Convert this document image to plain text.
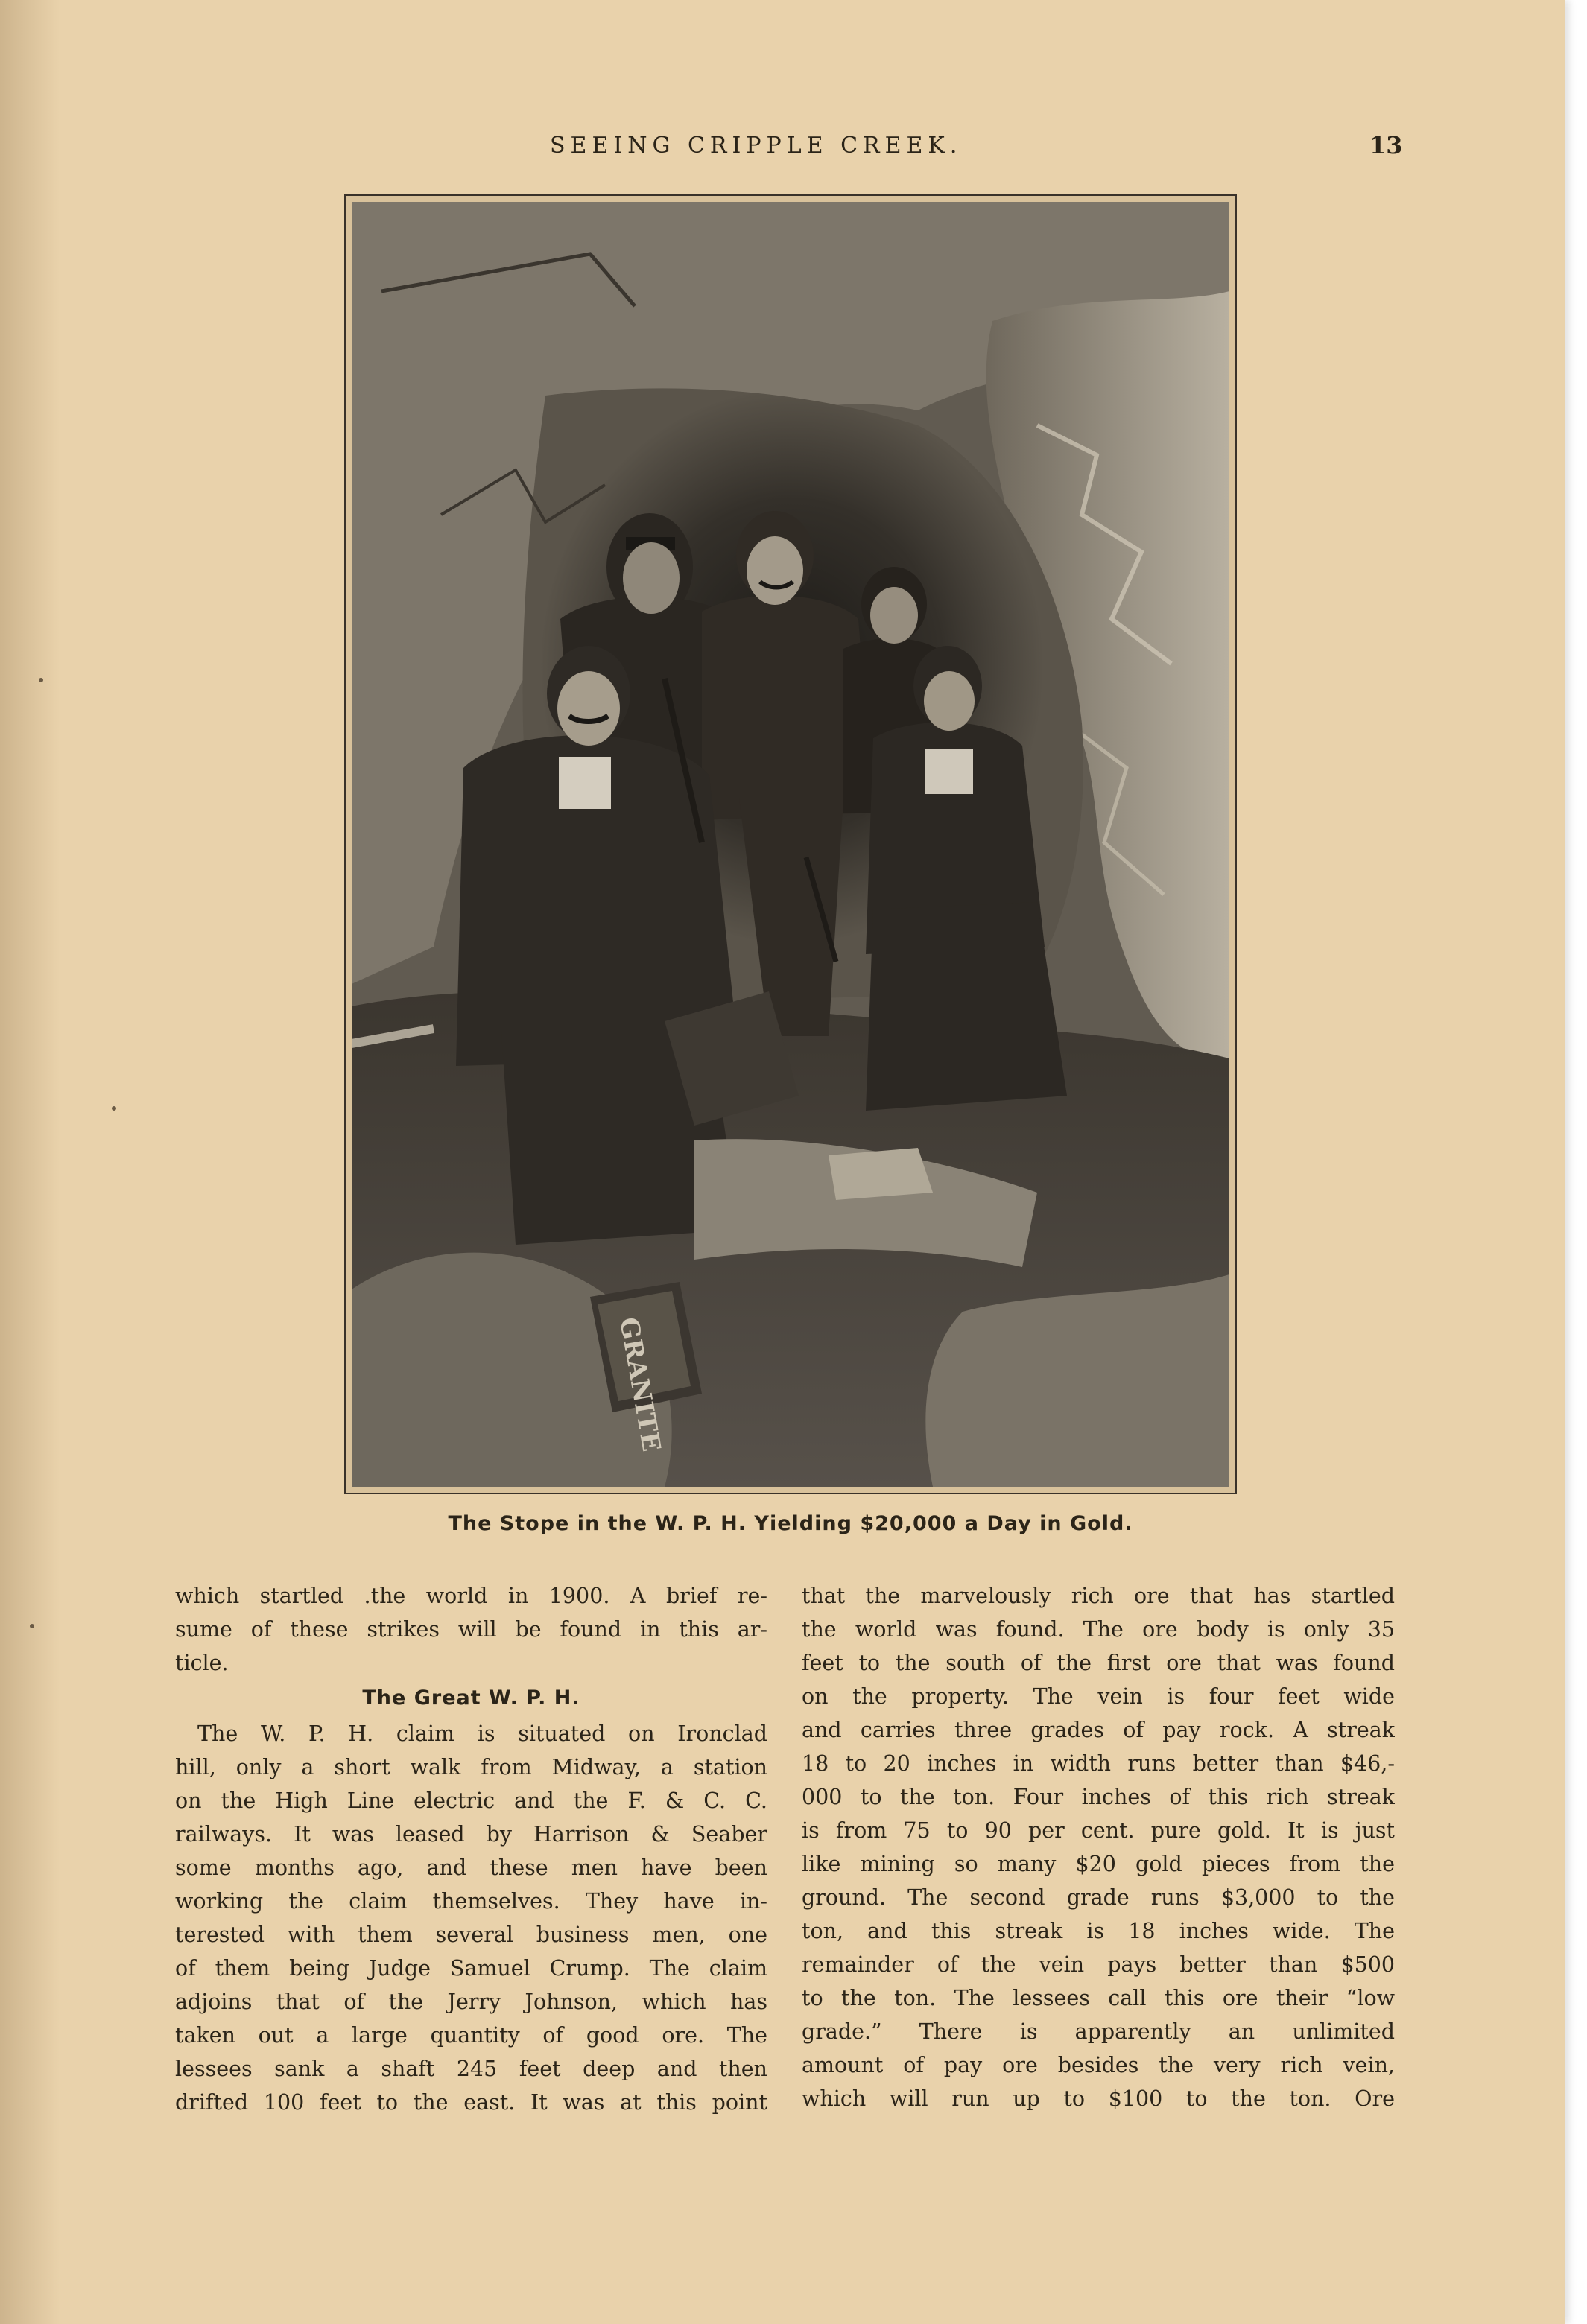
SEEING CRIPPLE CREEK.	13
GRANITE
The Stope in the W. P. H. Yielding $20,000 a Day in Gold.
which startled .the world in 1900. A brief re-
sume of these strikes will be found in this ar-
ticle.
The Great W. P. H.
The W. P. H. claim is situated on Ironclad
hill, only a short walk from Midway, a station
on the High Line electric and the F. & C. C.
railways. It was leased by Harrison & Seaber
some months ago, and these men have been
working the claim themselves. They have in-
terested with them several business men, one
of them being Judge Samuel Crump. The claim
adjoins that of the Jerry Johnson, which has
taken out a large quantity of good ore. The
lessees sank a shaft 245 feet deep and then
drifted 100 feet to the east. It was at this point
that the marvelously rich ore that has startled
the world was found. The ore body is only 35
feet to the south of the first ore that was found
on the property. The vein is four feet wide
and carries three grades of pay rock. A streak
18 to 20 inches in width runs better than $46,-
000 to the ton. Four inches of this rich streak
is from 75 to 90 per cent. pure gold. It is just
like mining so many $20 gold pieces from the
ground. The second grade runs $3,000 to the
ton, and this streak is 18 inches wide. The
remainder of the vein pays better than $500
to the ton. The lessees call this ore their “low
grade.” There is apparently an unlimited
amount of pay ore besides the very rich vein,
which will run up to $100 to the ton. Ore
